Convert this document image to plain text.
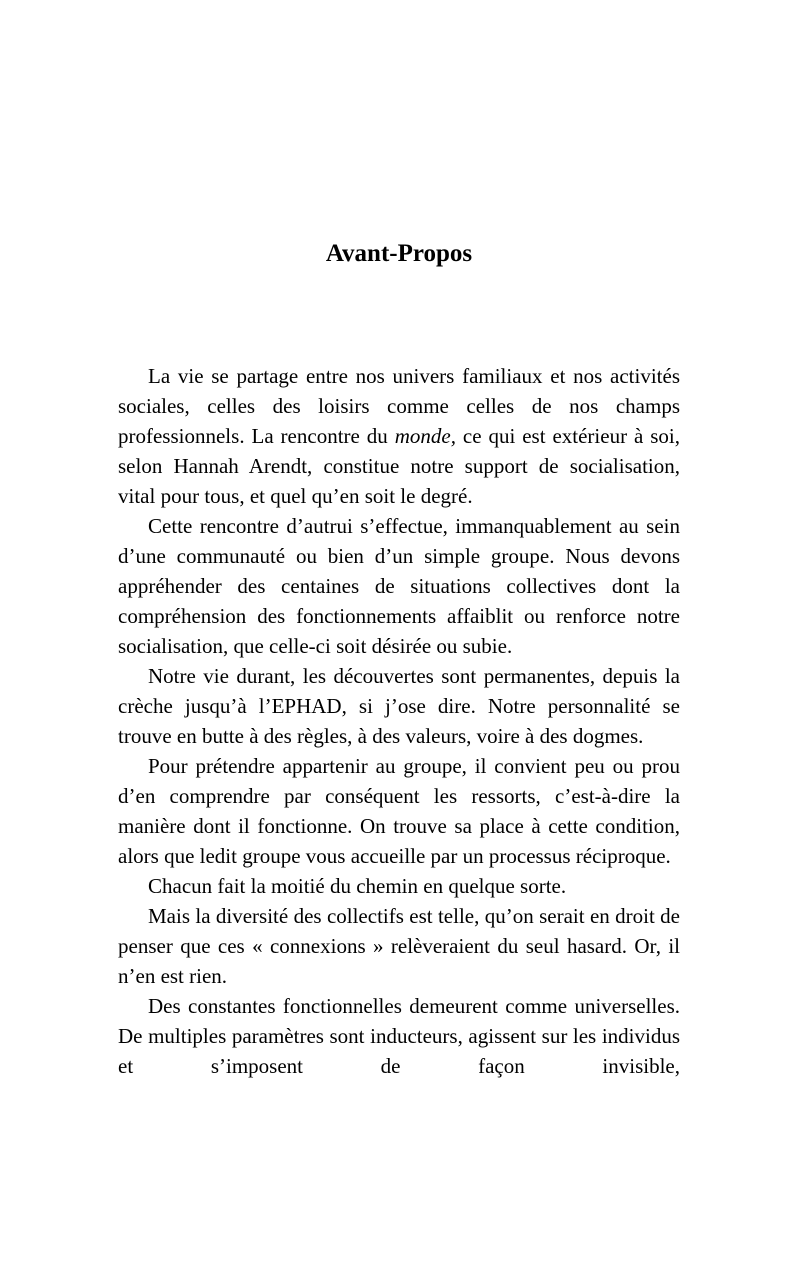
Avant-Propos

La vie se partage entre nos univers familiaux et nos activités sociales, celles des loisirs comme celles de nos champs professionnels. La rencontre du monde, ce qui est extérieur à soi, selon Hannah Arendt, constitue notre support de socialisation, vital pour tous, et quel qu’en soit le degré.

Cette rencontre d’autrui s’effectue, immanquablement au sein d’une communauté ou bien d’un simple groupe. Nous devons appréhender des centaines de situations collectives dont la compréhension des fonctionnements affaiblit ou renforce notre socialisation, que celle-ci soit désirée ou subie.

Notre vie durant, les découvertes sont permanentes, depuis la crèche jusqu’à l’EPHAD, si j’ose dire. Notre personnalité se trouve en butte à des règles, à des valeurs, voire à des dogmes.

Pour prétendre appartenir au groupe, il convient peu ou prou d’en comprendre par conséquent les ressorts, c’est-à-dire la manière dont il fonctionne. On trouve sa place à cette condition, alors que ledit groupe vous accueille par un processus réciproque.

Chacun fait la moitié du chemin en quelque sorte.

Mais la diversité des collectifs est telle, qu’on serait en droit de penser que ces « connexions » relèveraient du seul hasard. Or, il n’en est rien.

Des constantes fonctionnelles demeurent comme universelles. De multiples paramètres sont inducteurs, agissent sur les individus et s’imposent de façon invisible,
